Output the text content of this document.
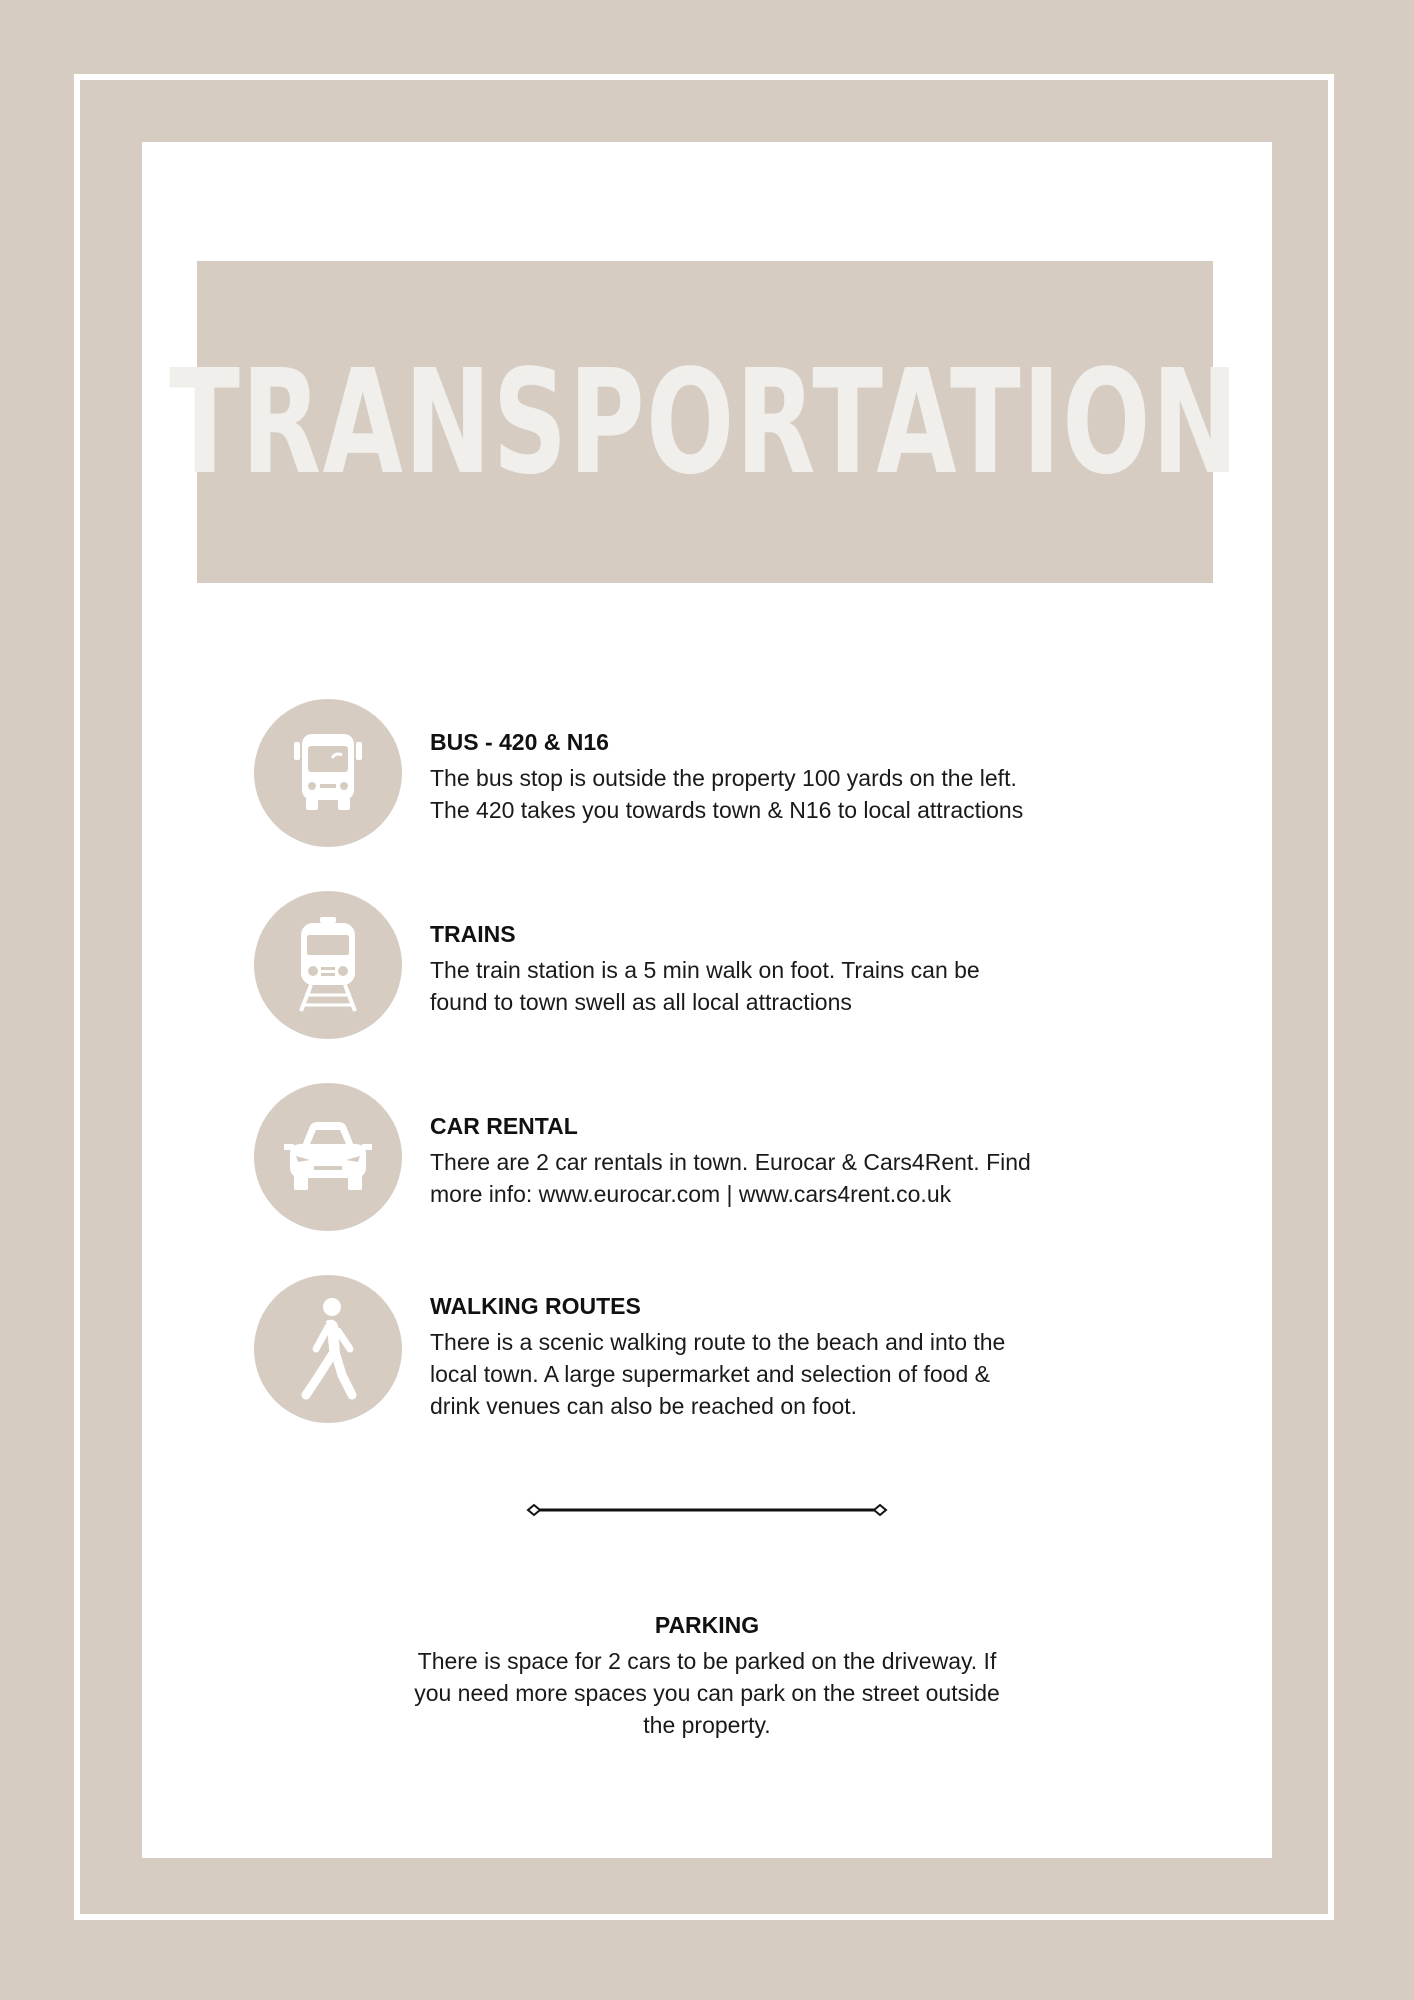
TRANSPORTATION

BUS - 420 & N16

The bus stop is outside the property 100 yards on the left.
The 420 takes you towards town & N16 to local attractions

TRAINS

The train station is a 5 min walk on foot. Trains can be
found to town swell as all local attractions

CAR RENTAL

There are 2 car rentals in town. Eurocar & Cars4Rent. Find
more info: www.eurocar.com | www.cars4rent.co.uk

WALKING ROUTES

There is a scenic walking route to the beach and into the
local town. A large supermarket and selection of food &
drink venues can also be reached on foot.

PARKING

There is space for 2 cars to be parked on the driveway. If
you need more spaces you can park on the street outside
the property.
